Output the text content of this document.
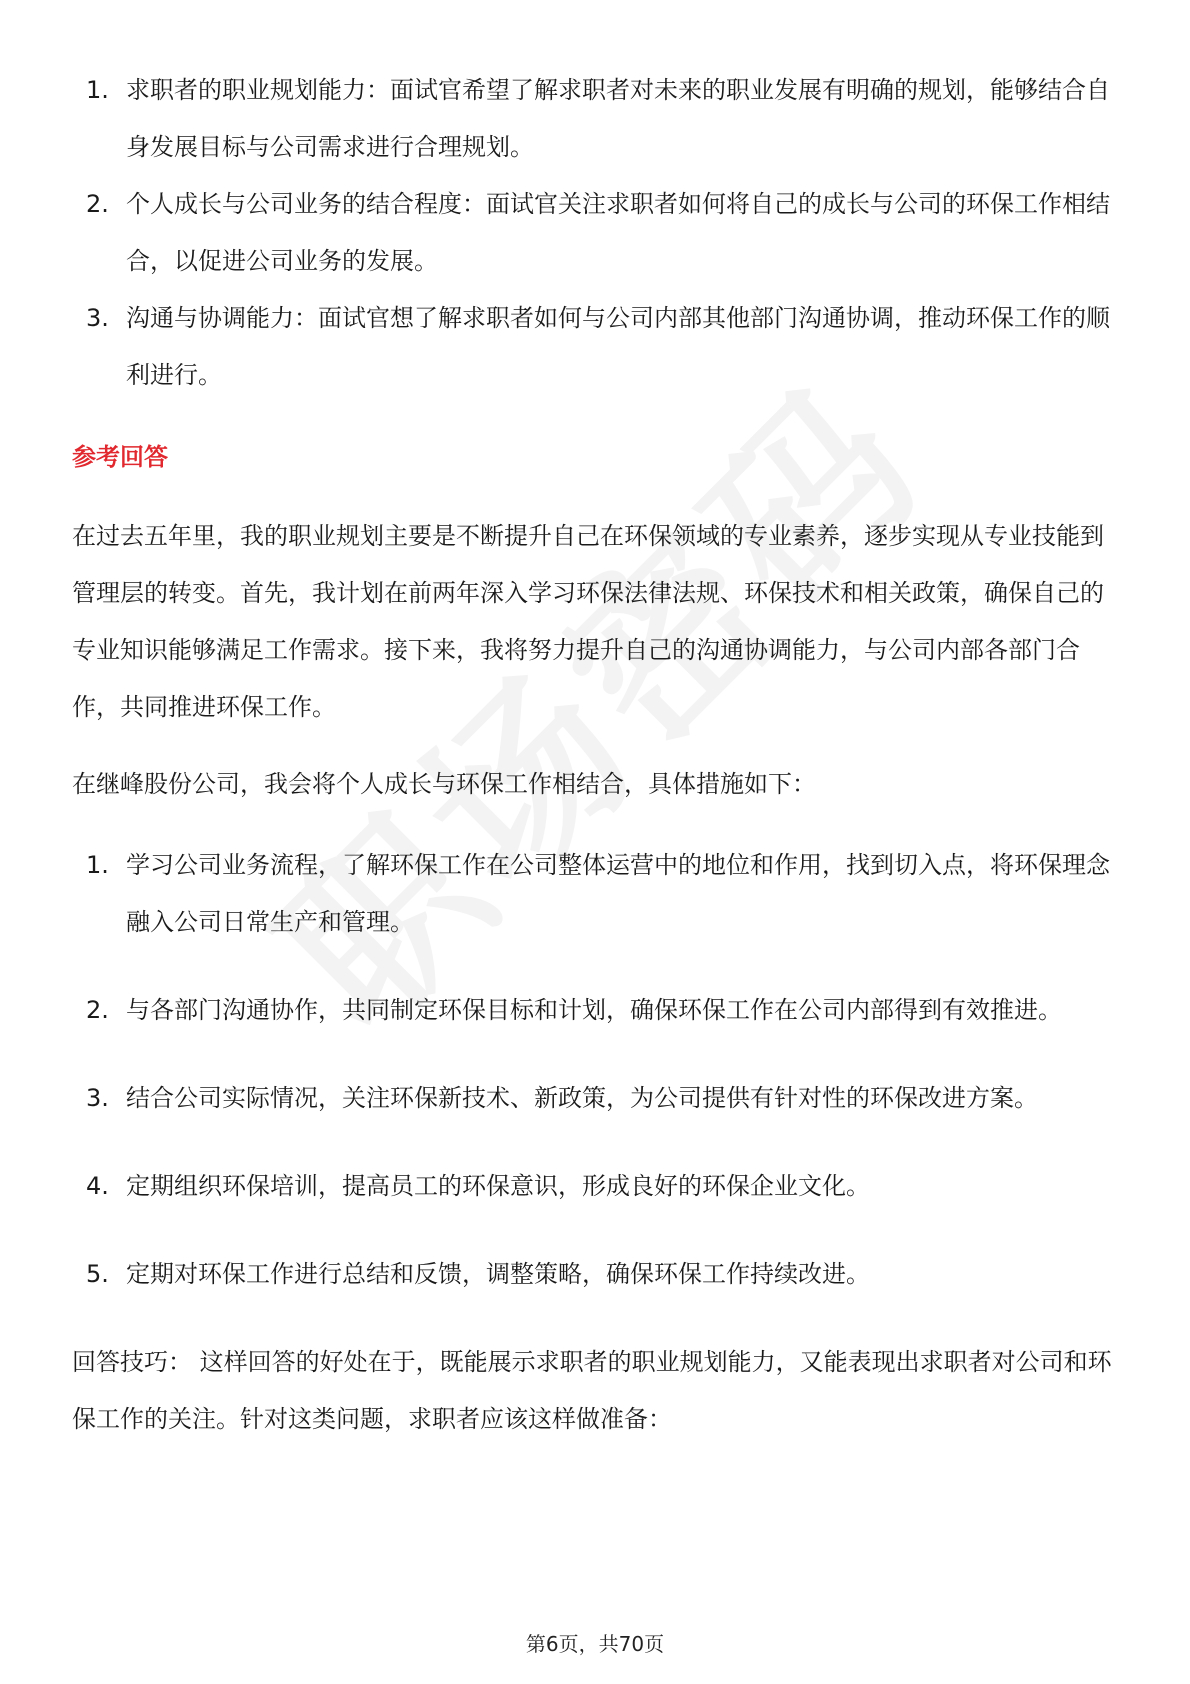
1. 求职者的职业规划能力：面试官希望了解求职者对未来的职业发展有明确的规划，能够结合自身发展目标与公司需求进行合理规划。
2. 个人成长与公司业务的结合程度：面试官关注求职者如何将自己的成长与公司的环保工作相结合，以促进公司业务的发展。
3. 沟通与协调能力：面试官想了解求职者如何与公司内部其他部门沟通协调，推动环保工作的顺利进行。
参考回答

在过去五年里，我的职业规划主要是不断提升自己在环保领域的专业素养，逐步实现从专业技能到管理层的转变。首先，我计划在前两年深入学习环保法律法规、环保技术和相关政策，确保自己的专业知识能够满足工作需求。接下来，我将努力提升自己的沟通协调能力，与公司内部各部门合作，共同推进环保工作。

在继峰股份公司，我会将个人成长与环保工作相结合，具体措施如下：

1. 学习公司业务流程，了解环保工作在公司整体运营中的地位和作用，找到切入点，将环保理念融入公司日常生产和管理。
2. 与各部门沟通协作，共同制定环保目标和计划，确保环保工作在公司内部得到有效推进。
3. 结合公司实际情况，关注环保新技术、新政策，为公司提供有针对性的环保改进方案。
4. 定期组织环保培训，提高员工的环保意识，形成良好的环保企业文化。
5. 定期对环保工作进行总结和反馈，调整策略，确保环保工作持续改进。

回答技巧： 这样回答的好处在于，既能展示求职者的职业规划能力，又能表现出求职者对公司和环保工作的关注。针对这类问题，求职者应该这样做准备：

第6页，共70页
